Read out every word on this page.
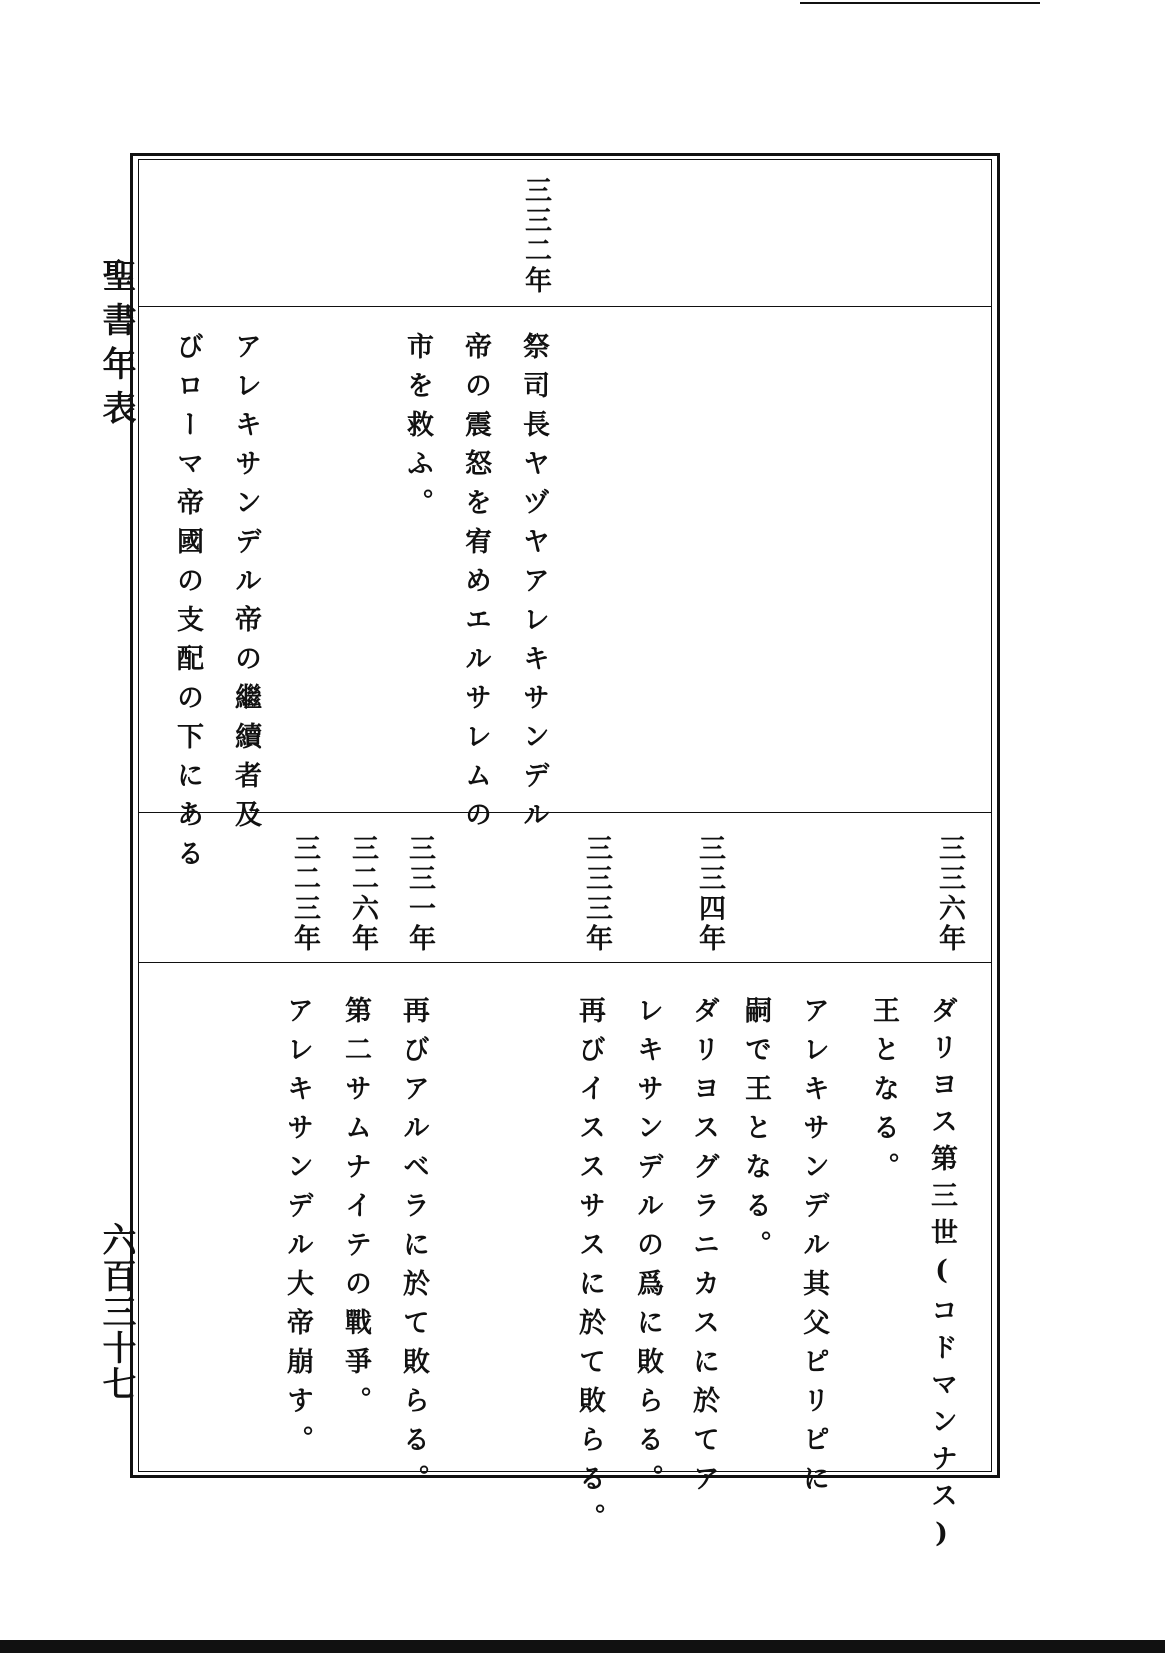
聖書年表
六百三十七
三三二年
祭司長ヤヅヤアレキサンデル
帝の震怒を宥めエルサレムの
市を救ふ。
アレキサンデル帝の繼續者及
びローマ帝國の支配の下にある
三三六年
三三四年
三三三年
三三一年
三二六年
三二三年
ダリヨス第三世(コドマンナス)
王となる。
アレキサンデル其父ピリピに
嗣で王となる。
ダリヨスグラニカスに於てア
レキサンデルの爲に敗らる。
再びイススサスに於て敗らる。
再びアルベラに於て敗らる。
第二サムナイテの戰爭。
アレキサンデル大帝崩す。
